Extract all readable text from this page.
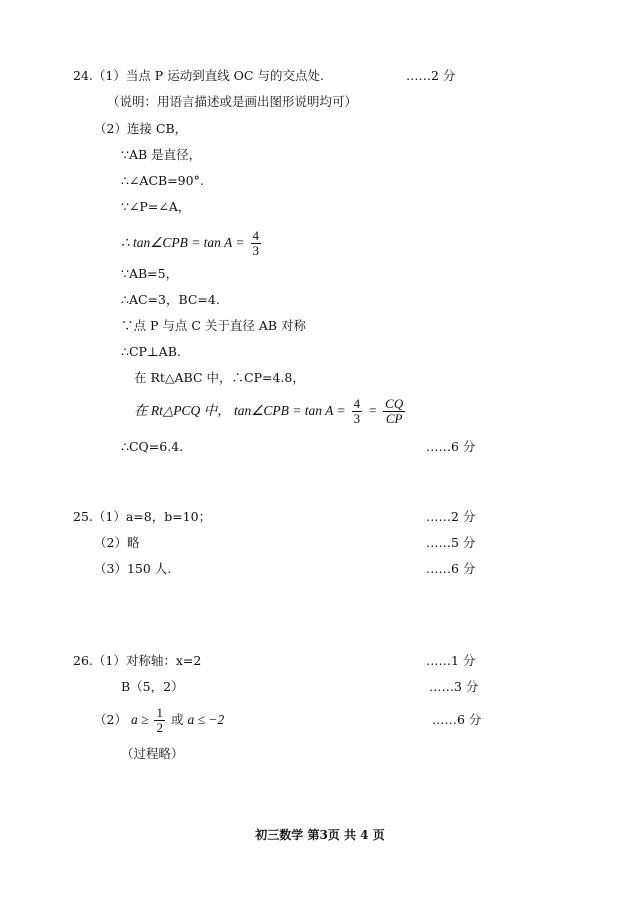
24.（1）当点 P 运动到直线 OC 与的交点处.	……2 分
（说明：用语言描述或是画出图形说明均可）
（2）连接 CB，
∵AB 是直径，
∴∠ACB=90°.
∵∠P=∠A，
∴ tan∠CPB = $\tan A = \frac{4}{3}$
∵AB=5，
∴AC=3，BC=4.
∵点 P 与点 C 关于直径 AB 对称
∴CP⊥AB.
在 Rt△ABC 中，∴CP=4.8，
在 Rt△PCQ 中， tan∠CPB = $\tan A = \frac{4}{3} = \frac{CQ}{CP}$
∴CQ=6.4.	……6 分
25.（1）a=8，b=10；	……2 分
（2）略	……5 分
（3）150 人.	……6 分
26.（1）对称轴：x=2	……1 分
B（5，2）	……3 分
（2） $a \ge \frac{1}{2}$ 或 a ≤ −2	……6 分
（过程略）
初三数学 第3页 共 4 页
